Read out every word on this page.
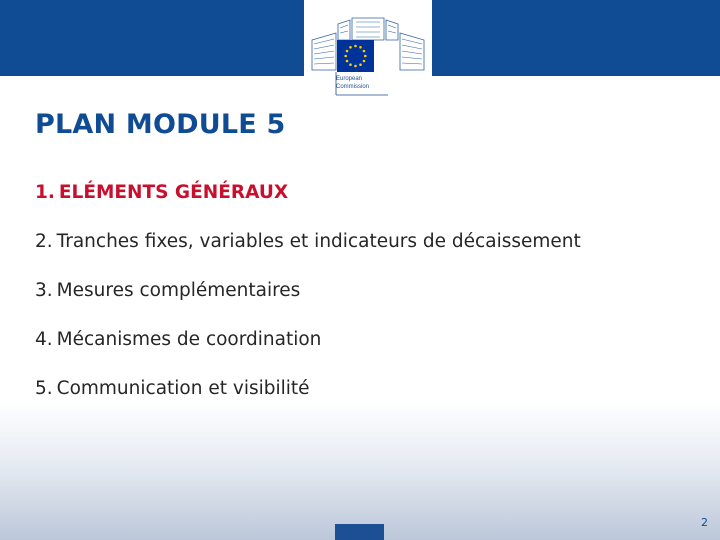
European
Commission
PLAN MODULE 5
1. ELÉMENTS GÉNÉRAUX
2. Tranches fixes, variables et indicateurs de décaissement
3. Mesures complémentaires
4. Mécanismes de coordination
5. Communication et visibilité
2
